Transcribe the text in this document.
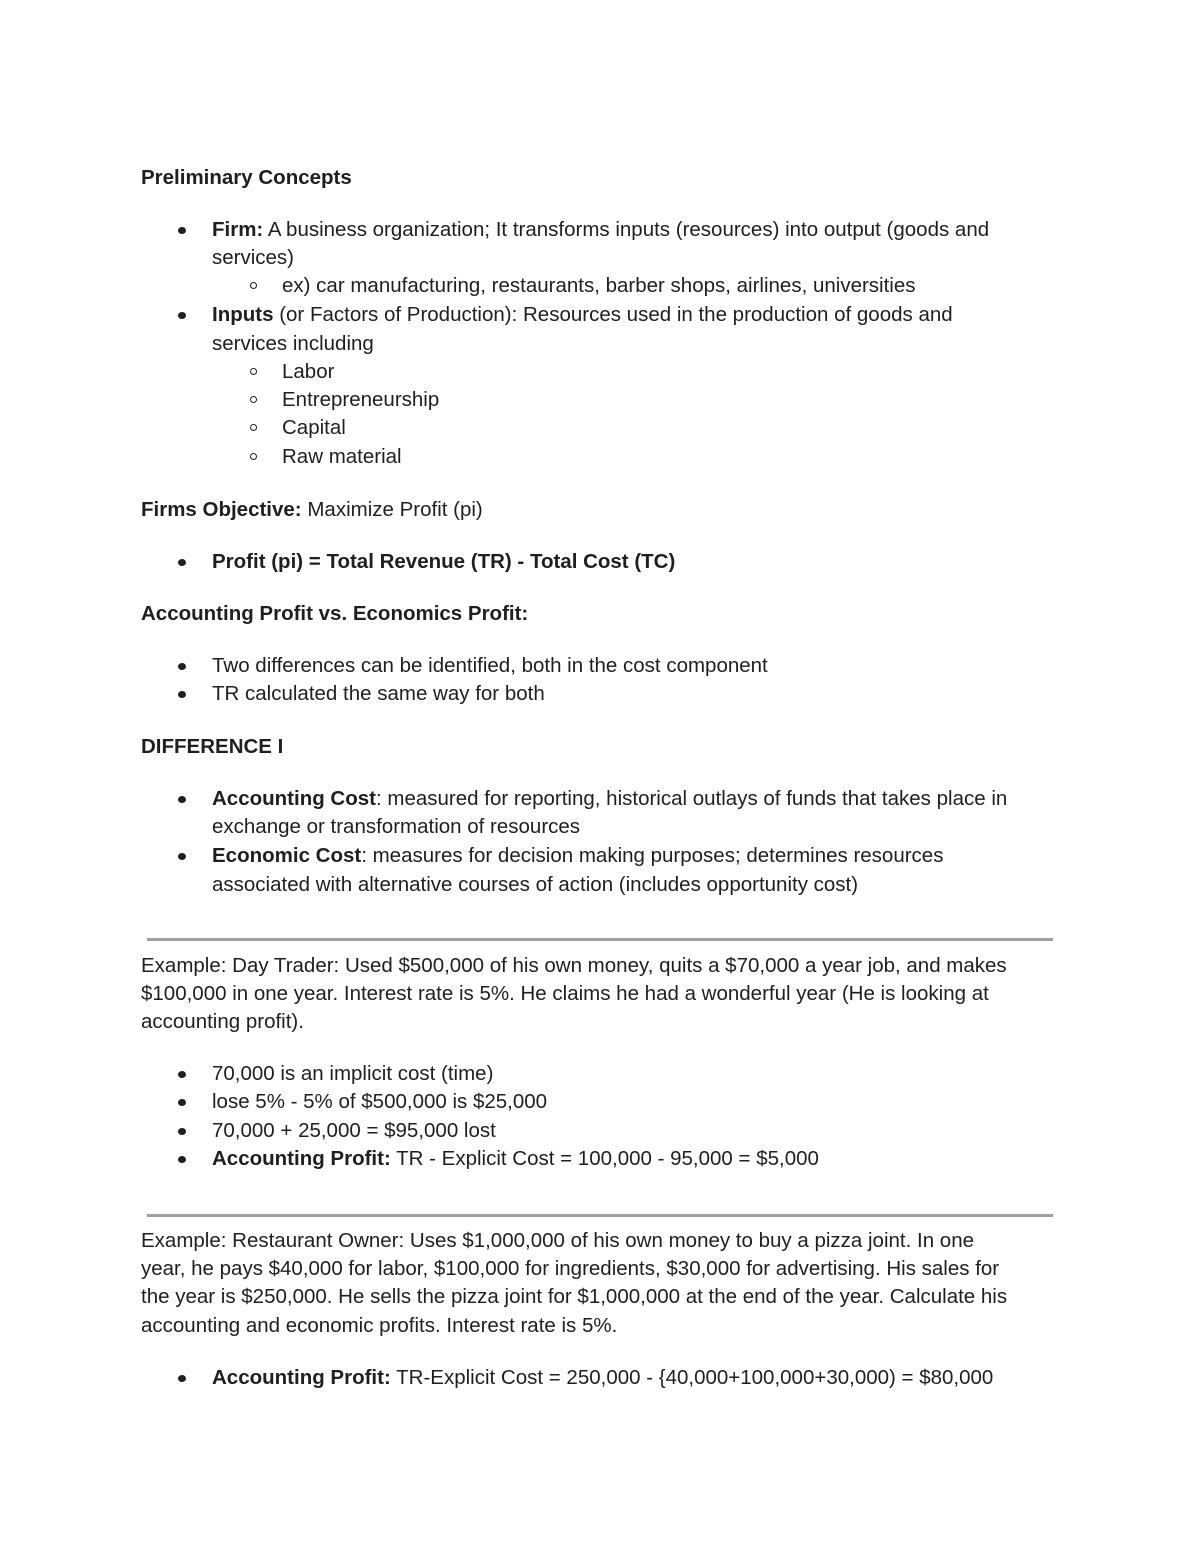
Preliminary Concepts
Firm: A business organization; It transforms inputs (resources) into output (goods and
services)
ex) car manufacturing, restaurants, barber shops, airlines, universities
Inputs (or Factors of Production): Resources used in the production of goods and
services including
Labor
Entrepreneurship
Capital
Raw material
Firms Objective: Maximize Profit (pi)
Profit (pi) = Total Revenue (TR) - Total Cost (TC)
Accounting Profit vs. Economics Profit:
Two differences can be identified, both in the cost component
TR calculated the same way for both
DIFFERENCE I
Accounting Cost: measured for reporting, historical outlays of funds that takes place in
exchange or transformation of resources
Economic Cost: measures for decision making purposes; determines resources
associated with alternative courses of action (includes opportunity cost)
Example: Day Trader: Used $500,000 of his own money, quits a $70,000 a year job, and makes
$100,000 in one year. Interest rate is 5%. He claims he had a wonderful year (He is looking at
accounting profit).
70,000 is an implicit cost (time)
lose 5% - 5% of $500,000 is $25,000
70,000 + 25,000 = $95,000 lost
Accounting Profit: TR - Explicit Cost = 100,000 - 95,000 = $5,000
Example: Restaurant Owner: Uses $1,000,000 of his own money to buy a pizza joint. In one
year, he pays $40,000 for labor, $100,000 for ingredients, $30,000 for advertising. His sales for
the year is $250,000. He sells the pizza joint for $1,000,000 at the end of the year. Calculate his
accounting and economic profits. Interest rate is 5%.
Accounting Profit: TR-Explicit Cost = 250,000 - {40,000+100,000+30,000) = $80,000
